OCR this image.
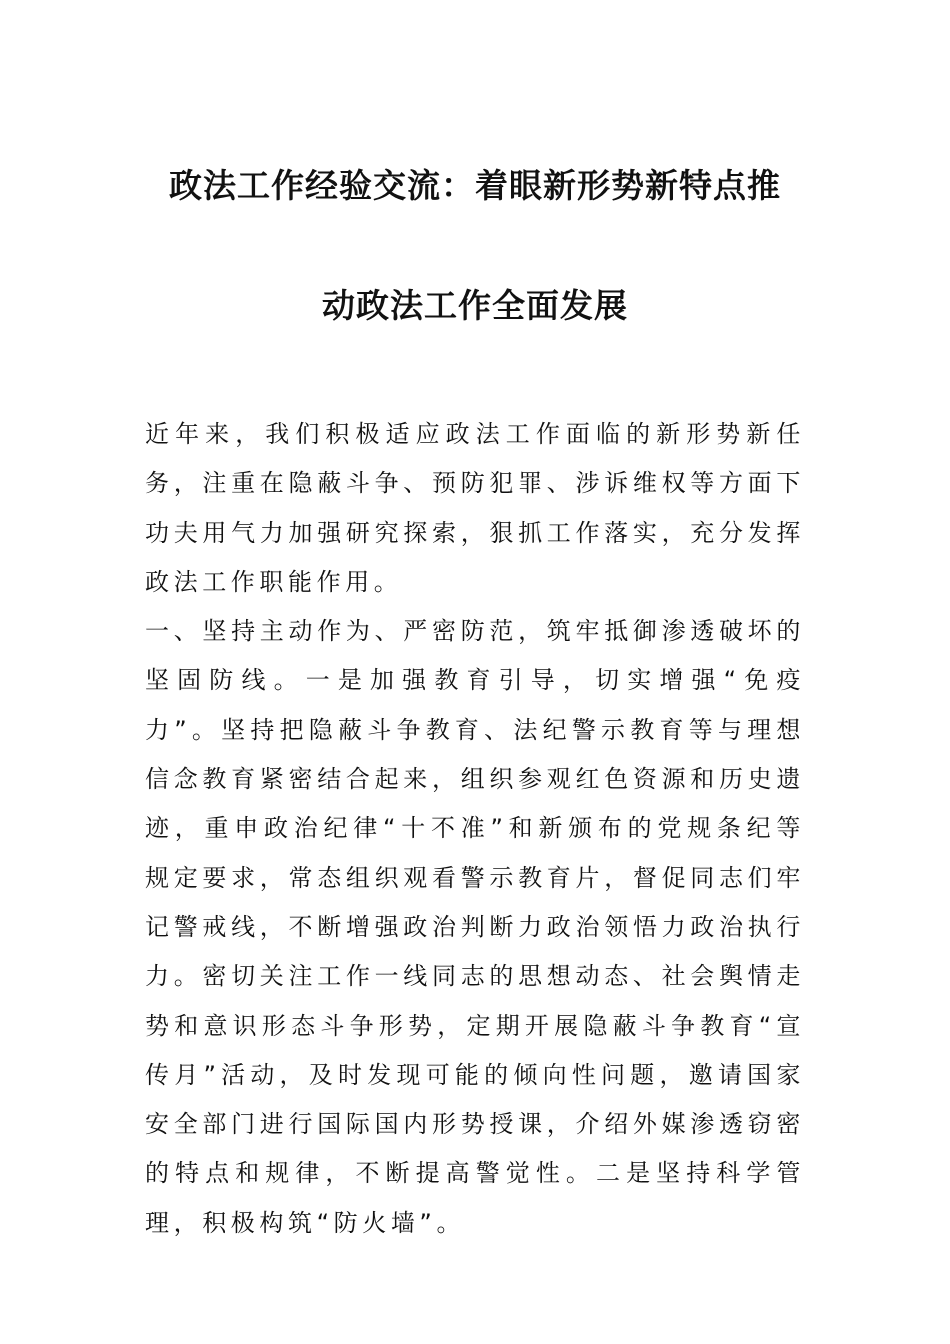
政法工作经验交流：着眼新形势新特点推
动政法工作全面发展

近年来，我们积极适应政法工作面临的新形势新任务，注重在隐蔽斗争、预防犯罪、涉诉维权等方面下功夫用气力加强研究探索，狠抓工作落实，充分发挥政法工作职能作用。

一、坚持主动作为、严密防范，筑牢抵御渗透破坏的坚固防线。一是加强教育引导，切实增强“免疫力”。坚持把隐蔽斗争教育、法纪警示教育等与理想信念教育紧密结合起来，组织参观红色资源和历史遗迹，重申政治纪律“十不准”和新颁布的党规条纪等规定要求，常态组织观看警示教育片，督促同志们牢记警戒线，不断增强政治判断力政治领悟力政治执行力。密切关注工作一线同志的思想动态、社会舆情走势和意识形态斗争形势，定期开展隐蔽斗争教育“宣传月”活动，及时发现可能的倾向性问题，邀请国家安全部门进行国际国内形势授课，介绍外媒渗透窃密的特点和规律，不断提高警觉性。二是坚持科学管理，积极构筑“防火墙”。
